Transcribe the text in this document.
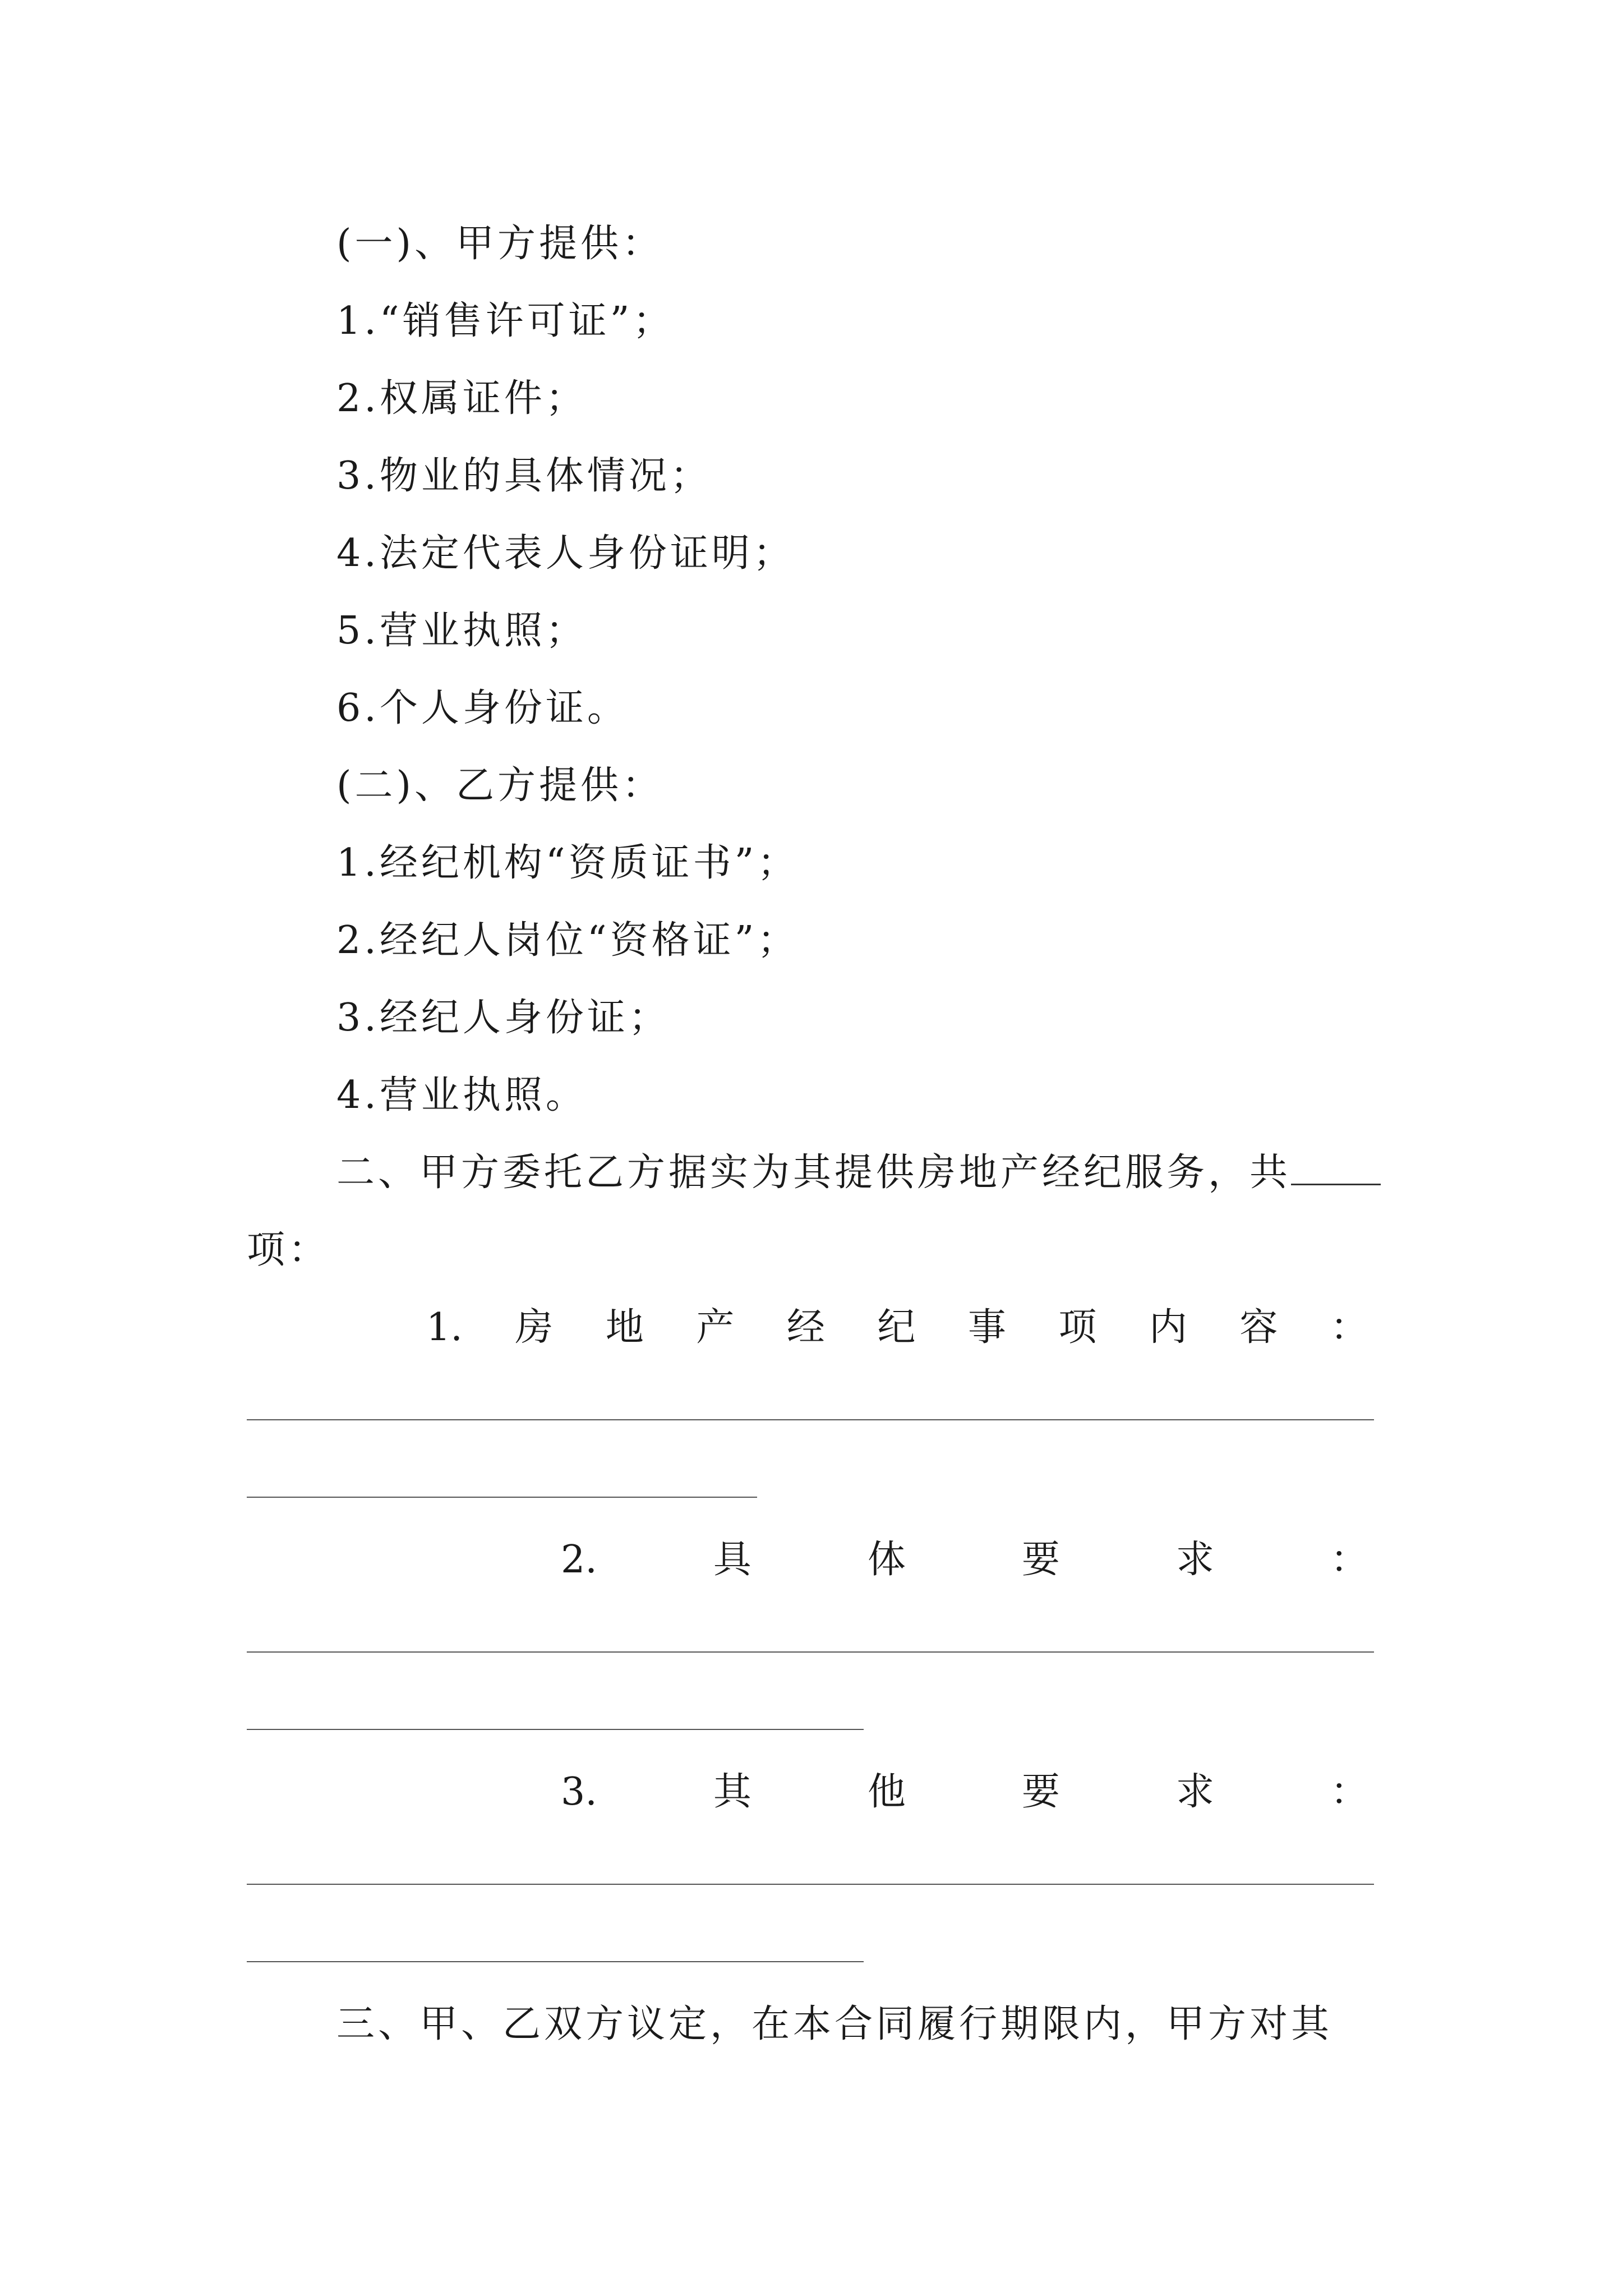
(一)、甲方提供：
1.“销售许可证”；
2.权属证件；
3.物业的具体情况；
4.法定代表人身份证明；
5.营业执照；
6.个人身份证。
(二)、乙方提供：
1.经纪机构“资质证书”；
2.经纪人岗位“资格证”；
3.经纪人身份证；
4.营业执照。
二、甲方委托乙方据实为其提供房地产经纪服务，共
项：
1. 房 地 产 经 纪 事 项 内 容 ：
2.	具	体	要	求	：
3.	其	他	要	求	：
三、甲、乙双方议定，在本合同履行期限内，甲方对其
